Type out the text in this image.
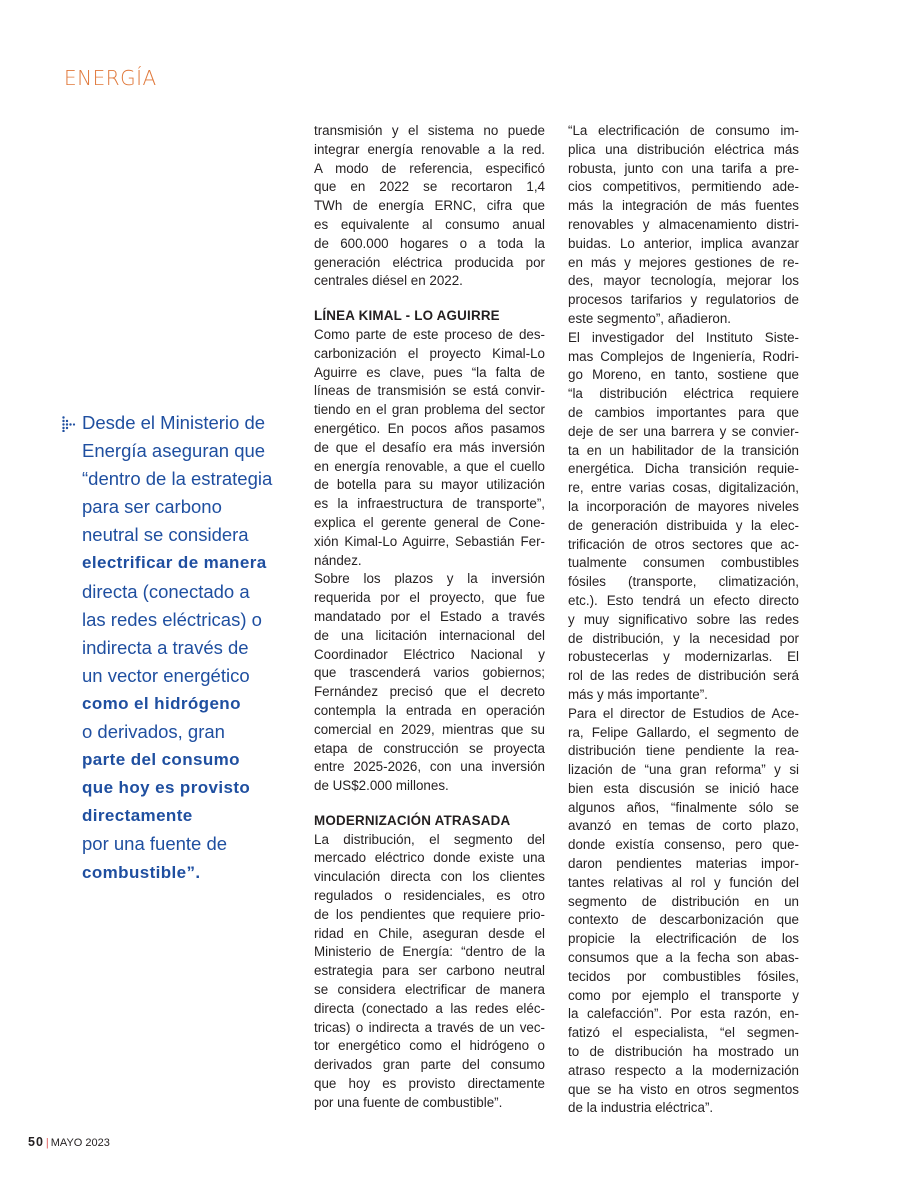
ENERGÍA
Desde el Ministerio de
Energía aseguran que
“dentro de la estrategia
para ser carbono
neutral se considera
electrificar de manera
directa (conectado a
las redes eléctricas) o
indirecta a través de
un vector energético
como el hidrógeno
o derivados, gran
parte del consumo
que hoy es provisto
directamente
por una fuente de
combustible”.
transmisión y el sistema no puede
integrar energía renovable a la red.
A modo de referencia, especificó
que en 2022 se recortaron 1,4
TWh de energía ERNC, cifra que
es equivalente al consumo anual
de 600.000 hogares o a toda la
generación eléctrica producida por
centrales diésel en 2022.
LÍNEA KIMAL - LO AGUIRRE
Como parte de este proceso de des-
carbonización el proyecto Kimal-Lo
Aguirre es clave, pues “la falta de
líneas de transmisión se está convir-
tiendo en el gran problema del sector
energético. En pocos años pasamos
de que el desafío era más inversión
en energía renovable, a que el cuello
de botella para su mayor utilización
es la infraestructura de transporte”,
explica el gerente general de Cone-
xión Kimal-Lo Aguirre, Sebastián Fer-
nández.
Sobre los plazos y la inversión
requerida por el proyecto, que fue
mandatado por el Estado a través
de una licitación internacional del
Coordinador Eléctrico Nacional y
que trascenderá varios gobiernos;
Fernández precisó que el decreto
contempla la entrada en operación
comercial en 2029, mientras que su
etapa de construcción se proyecta
entre 2025-2026, con una inversión
de US$2.000 millones.
MODERNIZACIÓN ATRASADA
La distribución, el segmento del
mercado eléctrico donde existe una
vinculación directa con los clientes
regulados o residenciales, es otro
de los pendientes que requiere prio-
ridad en Chile, aseguran desde el
Ministerio de Energía: “dentro de la
estrategia para ser carbono neutral
se considera electrificar de manera
directa (conectado a las redes eléc-
tricas) o indirecta a través de un vec-
tor energético como el hidrógeno o
derivados gran parte del consumo
que hoy es provisto directamente
por una fuente de combustible”.
“La electrificación de consumo im-
plica una distribución eléctrica más
robusta, junto con una tarifa a pre-
cios competitivos, permitiendo ade-
más la integración de más fuentes
renovables y almacenamiento distri-
buidas. Lo anterior, implica avanzar
en más y mejores gestiones de re-
des, mayor tecnología, mejorar los
procesos tarifarios y regulatorios de
este segmento”, añadieron.
El investigador del Instituto Siste-
mas Complejos de Ingeniería, Rodri-
go Moreno, en tanto, sostiene que
“la distribución eléctrica requiere
de cambios importantes para que
deje de ser una barrera y se convier-
ta en un habilitador de la transición
energética. Dicha transición requie-
re, entre varias cosas, digitalización,
la incorporación de mayores niveles
de generación distribuida y la elec-
trificación de otros sectores que ac-
tualmente consumen combustibles
fósiles (transporte, climatización,
etc.). Esto tendrá un efecto directo
y muy significativo sobre las redes
de distribución, y la necesidad por
robustecerlas y modernizarlas. El
rol de las redes de distribución será
más y más importante”.
Para el director de Estudios de Ace-
ra, Felipe Gallardo, el segmento de
distribución tiene pendiente la rea-
lización de “una gran reforma” y si
bien esta discusión se inició hace
algunos años, “finalmente sólo se
avanzó en temas de corto plazo,
donde existía consenso, pero que-
daron pendientes materias impor-
tantes relativas al rol y función del
segmento de distribución en un
contexto de descarbonización que
propicie la electrificación de los
consumos que a la fecha son abas-
tecidos por combustibles fósiles,
como por ejemplo el transporte y
la calefacción”. Por esta razón, en-
fatizó el especialista, “el segmen-
to de distribución ha mostrado un
atraso respecto a la modernización
que se ha visto en otros segmentos
de la industria eléctrica”.
50 | MAYO 2023
